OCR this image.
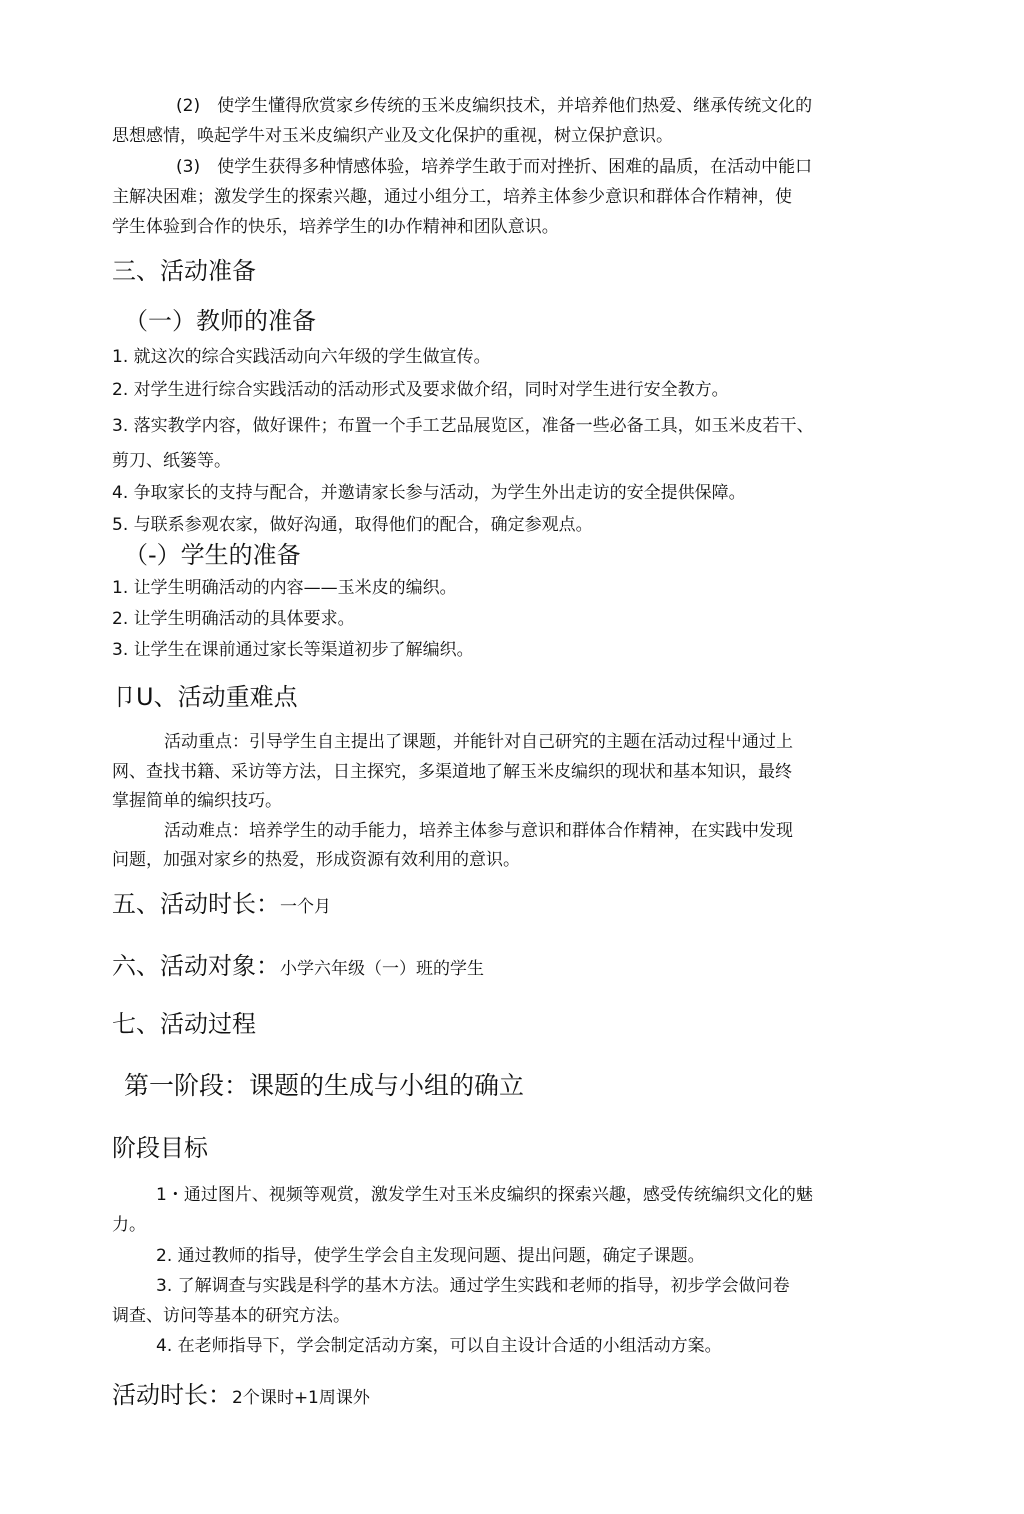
(2)　使学生懂得欣赏家乡传统的玉米皮编织技术，并培养他们热爱、继承传统文化的
思想感情，唤起学牛对玉米皮编织产业及文化保护的重视，树立保护意识。
(3)　使学生获得多种情感体验，培养学生敢于而对挫折、困难的晶质，在活动中能口
主解决困难；激发学生的探索兴趣，通过小组分工，培养主体参少意识和群体合作精神，使
学生体验到合作的快乐，培养学生的l办作精神和团队意识。
三、活动准备
（一）教师的准备
1. 就这次的综合实践活动向六年级的学生做宣传。
2. 对学生进行综合实践活动的活动形式及要求做介绍，同时对学生进行安全教方。
3. 落实教学内容，做好课件；布置一个手工艺品展览区，准备一些必备工具，如玉米皮若干、
剪刀、纸篓等。
4. 争取家长的支持与配合，并邀请家长参与活动，为学生外出走访的安全提供保障。
5. 与联系参观农家，做好沟通，取得他们的配合，确定参观点。
（-）学生的准备
1. 让学生明确活动的内容——玉米皮的编织。
2. 让学生明确活动的具体要求。
3. 让学生在课前通过家长等渠道初步了解编织。
卩U、活动重难点
活动重点：引导学生自主提出了课题，并能针对自己研究的主题在活动过程屮通过上
网、查找书籍、采访等方法，日主探究，多渠道地了解玉米皮编织的现状和基本知识，最终
掌握简单的编织技巧。
活动难点：培养学生的动手能力，培养主体参与意识和群体合作精神，在实践中发现
问题，加强对家乡的热爱，形成资源有效利用的意识。
五、活动时长：一个月
六、活动对象：小学六年级（一）班的学生
七、活动过程
第一阶段：课题的生成与小组的确立
阶段目标
1・通过图片、视频等观赏，激发学生对玉米皮编织的探索兴趣，感受传统编织文化的魅
力。
2. 通过教师的指导，使学生学会自主发现问题、提出问题，确定子课题。
3. 了解调查与实践是科学的基木方法。通过学生实践和老师的指导，初步学会做问卷
调查、访问等基本的研究方法。
4. 在老师指导下，学会制定活动方案，可以自主设计合适的小组活动方案。
活动时长：2个课时+1周课外
